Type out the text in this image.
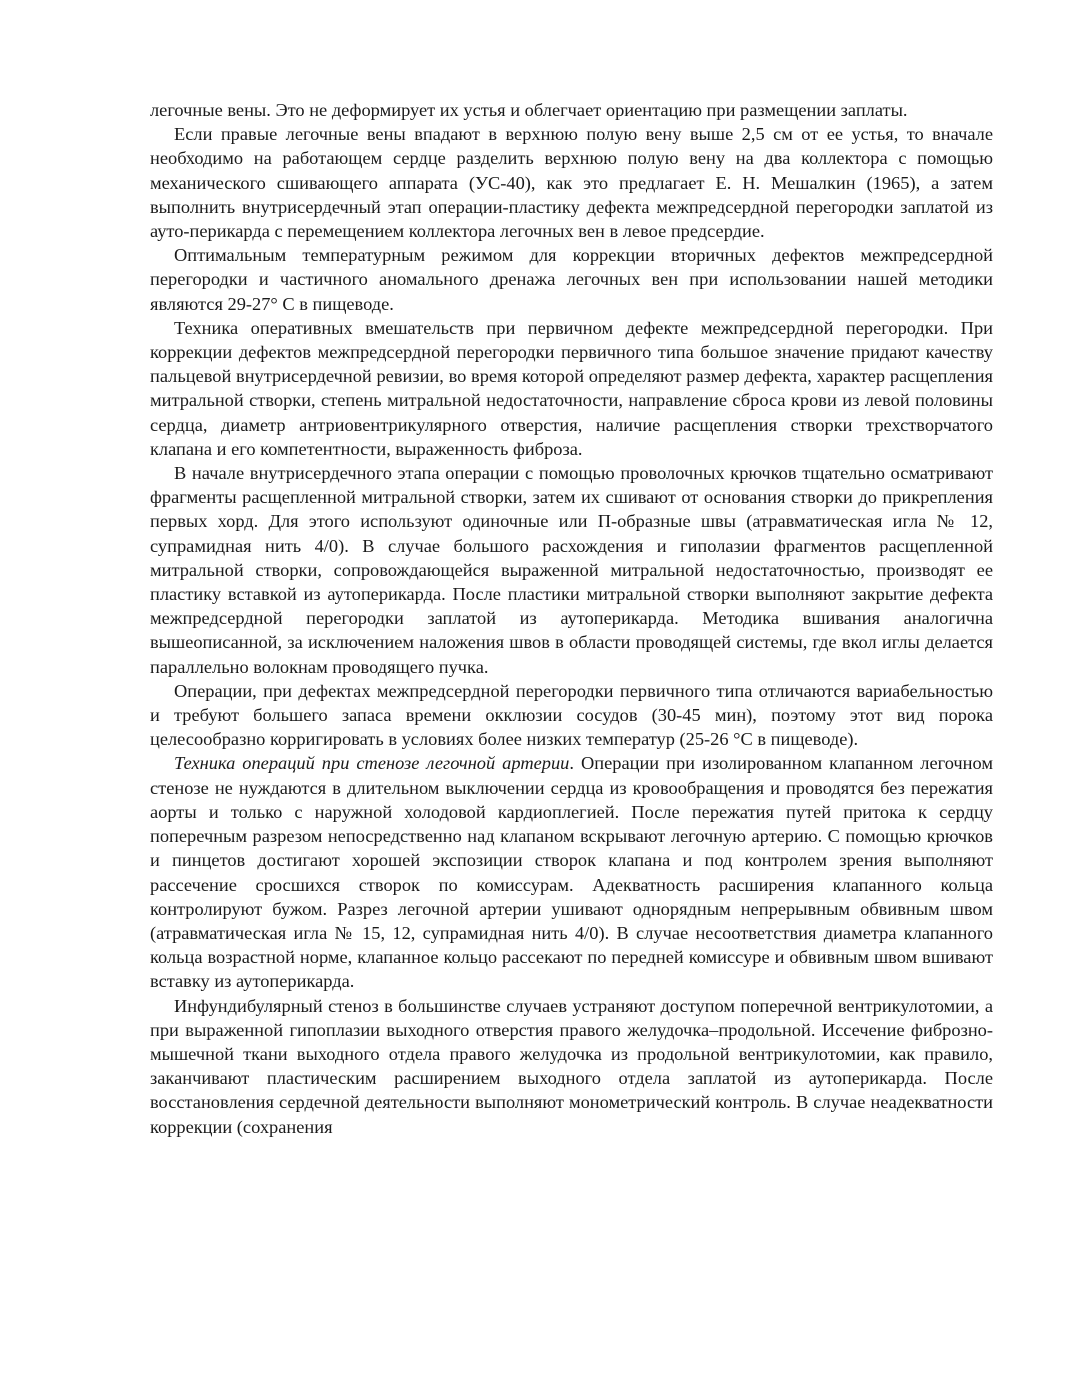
легочные вены. Это не деформирует их устья и облегчает ориентацию при размещении заплаты.

Если правые легочные вены впадают в верхнюю полую вену выше 2,5 см от ее устья, то вначале необходимо на работающем сердце разделить верхнюю полую вену на два коллектора с помощью механического сшивающего аппарата (УС-40), как это предлагает Е. Н. Мешалкин (1965), а затем выполнить внутрисердечный этап операции-пластику дефекта межпредсердной перегородки заплатой из ауто-перикарда с перемещением коллектора легочных вен в левое предсердие.

Оптимальным температурным режимом для коррекции вторичных дефектов межпредсердной перегородки и частичного аномального дренажа легочных вен при использовании нашей методики являются 29-27° С в пищеводе.

Техника оперативных вмешательств при первичном дефекте межпредсердной перегородки. При коррекции дефектов межпредсердной перегородки первичного типа большое значение придают качеству пальцевой внутрисердечной ревизии, во время которой определяют размер дефекта, характер расщепления митральной створки, степень митральной недостаточности, направление сброса крови из левой половины сердца, диаметр антриовентрикулярного отверстия, наличие расщепления створки трехстворчатого клапана и его компетентности, выраженность фиброза.

В начале внутрисердечного этапа операции с помощью проволочных крючков тщательно осматривают фрагменты расщепленной митральной створки, затем их сшивают от основания створки до прикрепления первых хорд. Для этого используют одиночные или П-образные швы (атравматическая игла № 12, супрамидная нить 4/0). В случае большого расхождения и гиполазии фрагментов расщепленной митральной створки, сопровождающейся выраженной митральной недостаточностью, производят ее пластику вставкой из аутоперикарда. После пластики митральной створки выполняют закрытие дефекта межпредсердной перегородки заплатой из аутоперикарда. Методика вшивания аналогична вышеописанной, за исключением наложения швов в области проводящей системы, где вкол иглы делается параллельно волокнам проводящего пучка.

Операции, при дефектах межпредсердной перегородки первичного типа отличаются вариабельностью и требуют большего запаса времени окклюзии сосудов (30-45 мин), поэтому этот вид порока целесообразно корригировать в условиях более низких температур (25-26 °С в пищеводе).

Техника операций при стенозе легочной артерии. Операции при изолированном клапанном легочном стенозе не нуждаются в длительном выключении сердца из кровообращения и проводятся без пережатия аорты и только с наружной холодовой кардиоплегией. После пережатия путей притока к сердцу поперечным разрезом непосредственно над клапаном вскрывают легочную артерию. С помощью крючков и пинцетов достигают хорошей экспозиции створок клапана и под контролем зрения выполняют рассечение сросшихся створок по комиссурам. Адекватность расширения клапанного кольца контролируют бужом. Разрез легочной артерии ушивают однорядным непрерывным обвивным швом (атравматическая игла № 15, 12, супрамидная нить 4/0). В случае несоответствия диаметра клапанного кольца возрастной норме, клапанное кольцо рассекают по передней комиссуре и обвивным швом вшивают вставку из аутоперикарда.

Инфундибулярный стеноз в большинстве случаев устраняют доступом поперечной вентрикулотомии, а при выраженной гипоплазии выходного отверстия правого желудочка–продольной. Иссечение фиброзно-мышечной ткани выходного отдела правого желудочка из продольной вентрикулотомии, как правило, заканчивают пластическим расширением выходного отдела заплатой из аутоперикарда. После восстановления сердечной деятельности выполняют монометрический контроль. В случае неадекватности коррекции (сохранения
